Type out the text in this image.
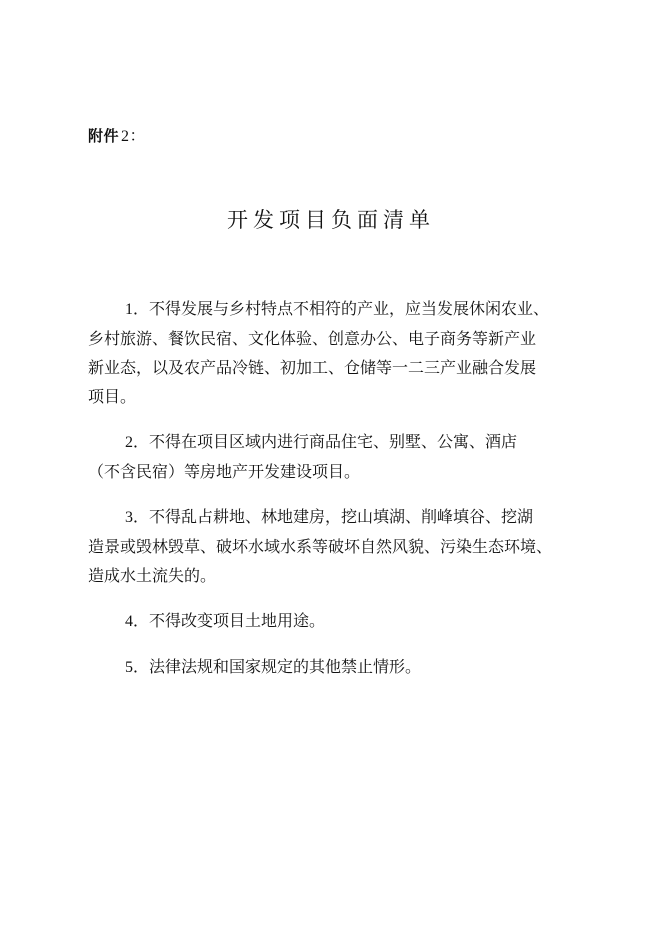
附件 2：
开发项目负面清单
1．不得发展与乡村特点不相符的产业，应当发展休闲农业、
乡村旅游、餐饮民宿、文化体验、创意办公、电子商务等新产业
新业态，以及农产品冷链、初加工、仓储等一二三产业融合发展
项目。
2．不得在项目区域内进行商品住宅、别墅、公寓、酒店
（不含民宿）等房地产开发建设项目。
3．不得乱占耕地、林地建房，挖山填湖、削峰填谷、挖湖
造景或毁林毁草、破坏水域水系等破坏自然风貌、污染生态环境、
造成水土流失的。
4．不得改变项目土地用途。
5．法律法规和国家规定的其他禁止情形。
